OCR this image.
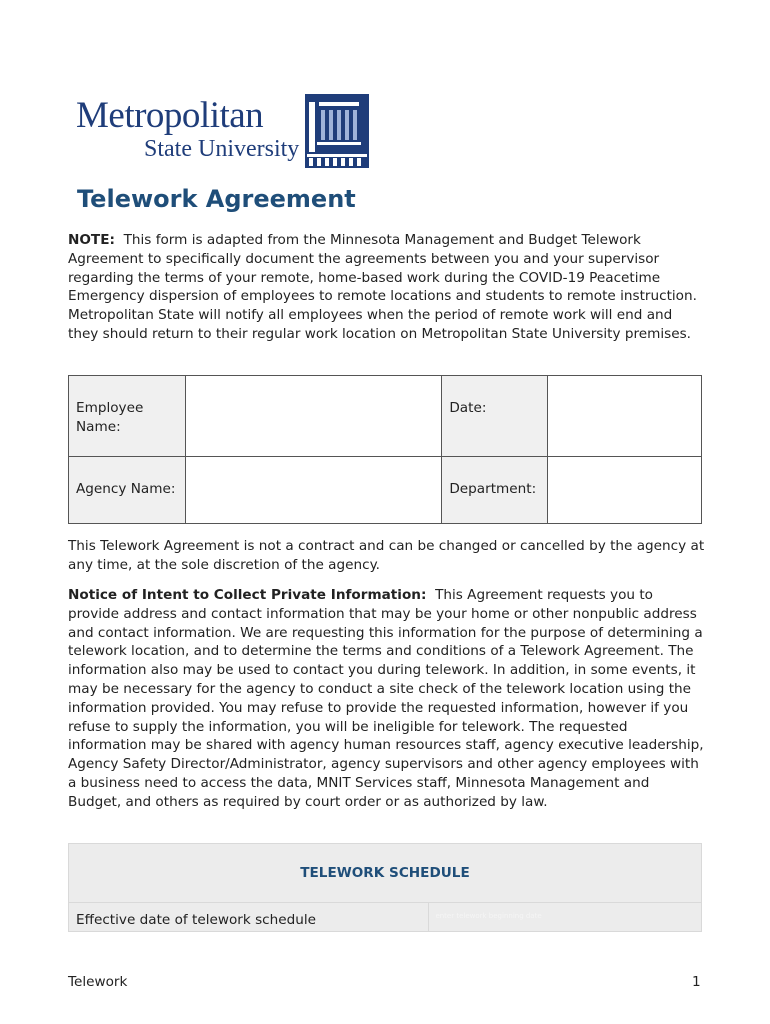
Metropolitan
State University
Telework Agreement
NOTE: This form is adapted from the Minnesota Management and Budget Telework Agreement to specifically document the agreements between you and your supervisor regarding the terms of your remote, home-based work during the COVID-19 Peacetime Emergency dispersion of employees to remote locations and students to remote instruction. Metropolitan State will notify all employees when the period of remote work will end and they should return to their regular work location on Metropolitan State University premises.
Employee Name:		Date:	
Agency Name:		Department:	
This Telework Agreement is not a contract and can be changed or cancelled by the agency at any time, at the sole discretion of the agency.
Notice of Intent to Collect Private Information: This Agreement requests you to provide address and contact information that may be your home or other nonpublic address and contact information. We are requesting this information for the purpose of determining a telework location, and to determine the terms and conditions of a Telework Agreement. The information also may be used to contact you during telework. In addition, in some events, it may be necessary for the agency to conduct a site check of the telework location using the information provided. You may refuse to provide the requested information, however if you refuse to supply the information, you will be ineligible for telework. The requested information may be shared with agency human resources staff, agency executive leadership, Agency Safety Director/Administrator, agency supervisors and other agency employees with a business need to access the data, MNIT Services staff, Minnesota Management and Budget, and others as required by court order or as authorized by law.
TELEWORK SCHEDULE
Effective date of telework schedule	enter telework beginning date
Telework	1
